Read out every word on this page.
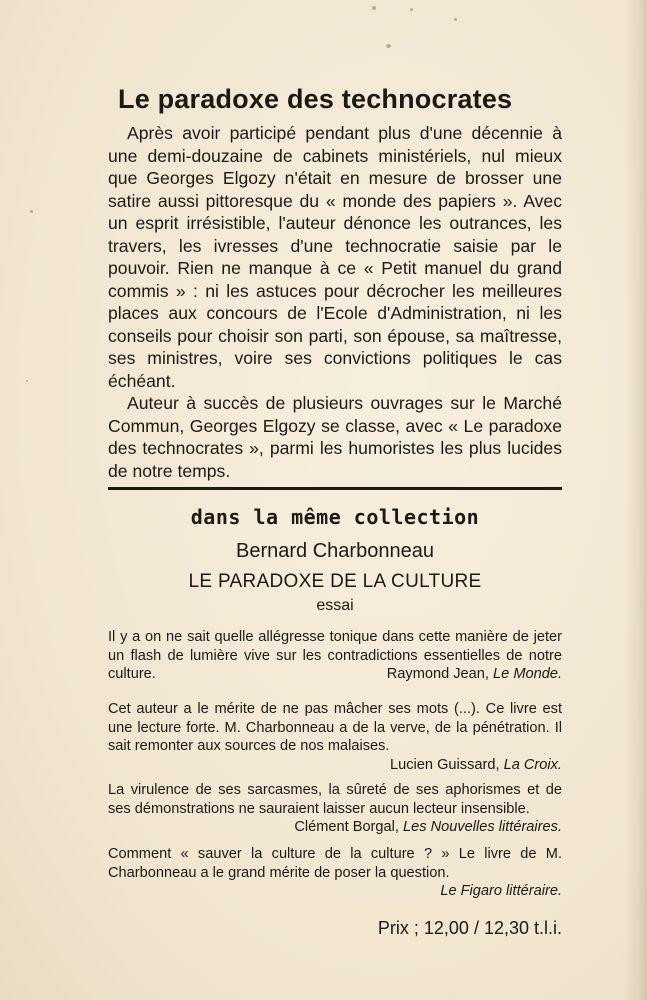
Le paradoxe des technocrates

Après avoir participé pendant plus d'une décennie à une demi-douzaine de cabinets ministériels, nul mieux que Georges Elgozy n'était en mesure de brosser une satire aussi pittoresque du « monde des papiers ». Avec un esprit irrésistible, l'auteur dénonce les outrances, les travers, les ivresses d'une technocratie saisie par le pouvoir. Rien ne manque à ce « Petit manuel du grand commis » : ni les astuces pour décrocher les meilleures places aux concours de l'Ecole d'Administration, ni les conseils pour choisir son parti, son épouse, sa maîtresse, ses ministres, voire ses convictions politiques le cas échéant.

Auteur à succès de plusieurs ouvrages sur le Marché Commun, Georges Elgozy se classe, avec « Le paradoxe des technocrates », parmi les humoristes les plus lucides de notre temps.

dans la même collection
Bernard Charbonneau
LE PARADOXE DE LA CULTURE
essai

Il y a on ne sait quelle allégresse tonique dans cette manière de jeter un flash de lumière vive sur les contradictions essentielles de notre culture.	Raymond Jean, Le Monde.

Cet auteur a le mérite de ne pas mâcher ses mots (...). Ce livre est une lecture forte. M. Charbonneau a de la verve, de la pénétration. Il sait remonter aux sources de nos malaises.
Lucien Guissard, La Croix.

La virulence de ses sarcasmes, la sûreté de ses aphorismes et de ses démonstrations ne sauraient laisser aucun lecteur insensible.
Clément Borgal, Les Nouvelles littéraires.

Comment « sauver la culture de la culture ? » Le livre de M. Charbonneau a le grand mérite de poser la question.
Le Figaro littéraire.

Prix ; 12,00 / 12,30 t.l.i.
